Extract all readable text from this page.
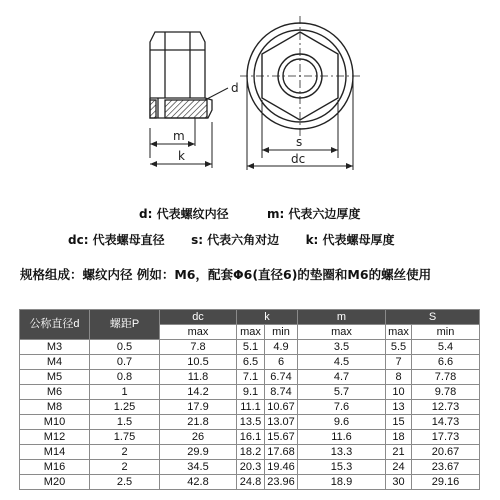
d
m
k
s
dc
d: 代表螺纹内径	m: 代表六边厚度
dc: 代表螺母直径 s: 代表六角对边 k: 代表螺母厚度
规格组成：螺纹内径 例如：M6，配套Φ6(直径6)的垫圈和M6的螺丝使用
公称直径d	螺距P	dc	k		m	S	
		max	max	min	max	max	min
M3	0.5	7.8	5.1	4.9	3.5	5.5	5.4
M4	0.7	10.5	6.5	6	4.5	7	6.6
M5	0.8	11.8	7.1	6.74	4.7	8	7.78
M6	1	14.2	9.1	8.74	5.7	10	9.78
M8	1.25	17.9	11.1	10.67	7.6	13	12.73
M10	1.5	21.8	13.5	13.07	9.6	15	14.73
M12	1.75	26	16.1	15.67	11.6	18	17.73
M14	2	29.9	18.2	17.68	13.3	21	20.67
M16	2	34.5	20.3	19.46	15.3	24	23.67
M20	2.5	42.8	24.8	23.96	18.9	30	29.16
